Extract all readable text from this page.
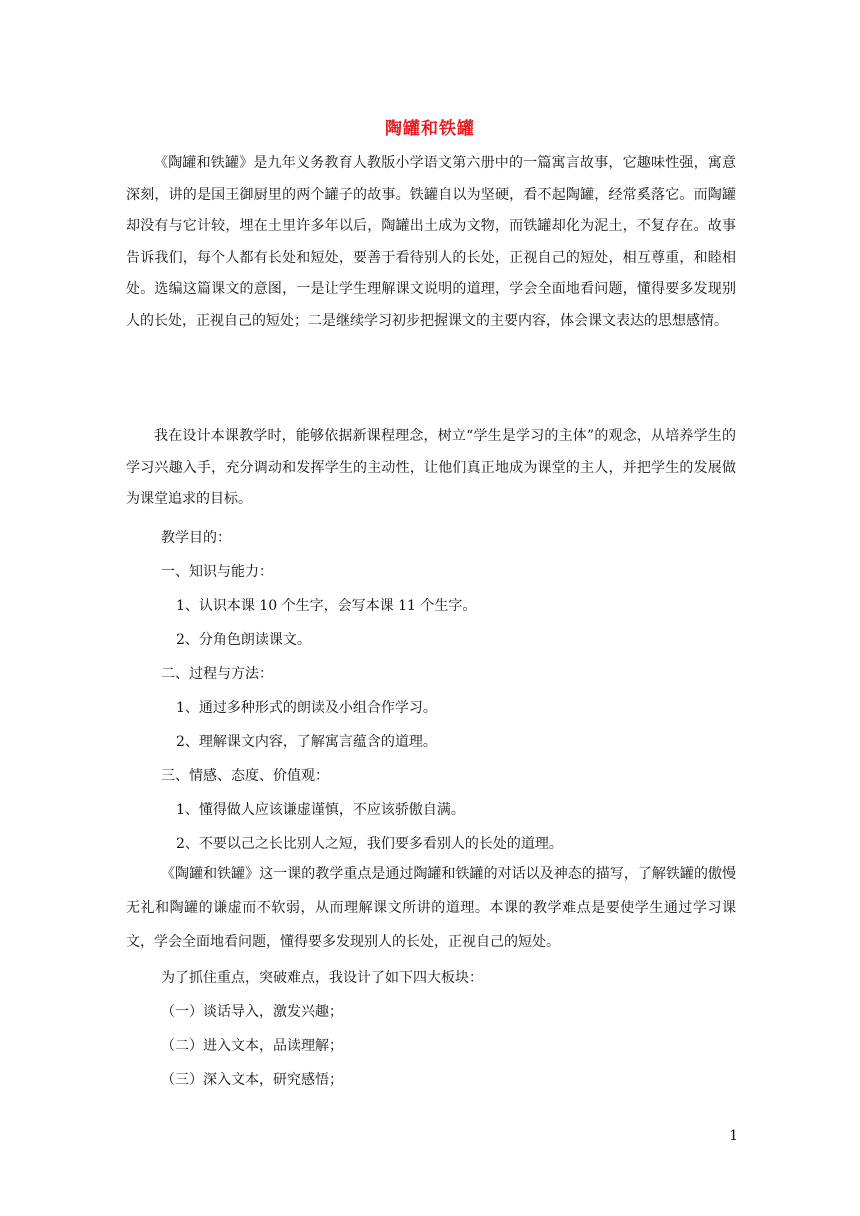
陶罐和铁罐

《陶罐和铁罐》是九年义务教育人教版小学语文第六册中的一篇寓言故事，它趣味性强，寓意深刻，讲的是国王御厨里的两个罐子的故事。铁罐自以为坚硬，看不起陶罐，经常奚落它。而陶罐却没有与它计较，埋在土里许多年以后，陶罐出土成为文物，而铁罐却化为泥土，不复存在。故事告诉我们，每个人都有长处和短处，要善于看待别人的长处，正视自己的短处，相互尊重，和睦相处。选编这篇课文的意图，一是让学生理解课文说明的道理，学会全面地看问题，懂得要多发现别人的长处，正视自己的短处；二是继续学习初步把握课文的主要内容，体会课文表达的思想感情。

我在设计本课教学时，能够依据新课程理念，树立“学生是学习的主体”的观念，从培养学生的学习兴趣入手，充分调动和发挥学生的主动性，让他们真正地成为课堂的主人，并把学生的发展做为课堂追求的目标。

教学目的：
一、知识与能力：
1、认识本课 10 个生字，会写本课 11 个生字。
2、分角色朗读课文。
二、过程与方法：
1、通过多种形式的朗读及小组合作学习。
2、理解课文内容，了解寓言蕴含的道理。
三、情感、态度、价值观：
1、懂得做人应该谦虚谨慎，不应该骄傲自满。
2、不要以己之长比别人之短，我们要多看别人的长处的道理。

《陶罐和铁罐》这一课的教学重点是通过陶罐和铁罐的对话以及神态的描写，了解铁罐的傲慢无礼和陶罐的谦虚而不软弱，从而理解课文所讲的道理。本课的教学难点是要使学生通过学习课文，学会全面地看问题，懂得要多发现别人的长处，正视自己的短处。

为了抓住重点，突破难点，我设计了如下四大板块：
（一）谈话导入，激发兴趣；
（二）进入文本，品读理解；
（三）深入文本，研究感悟；
1
